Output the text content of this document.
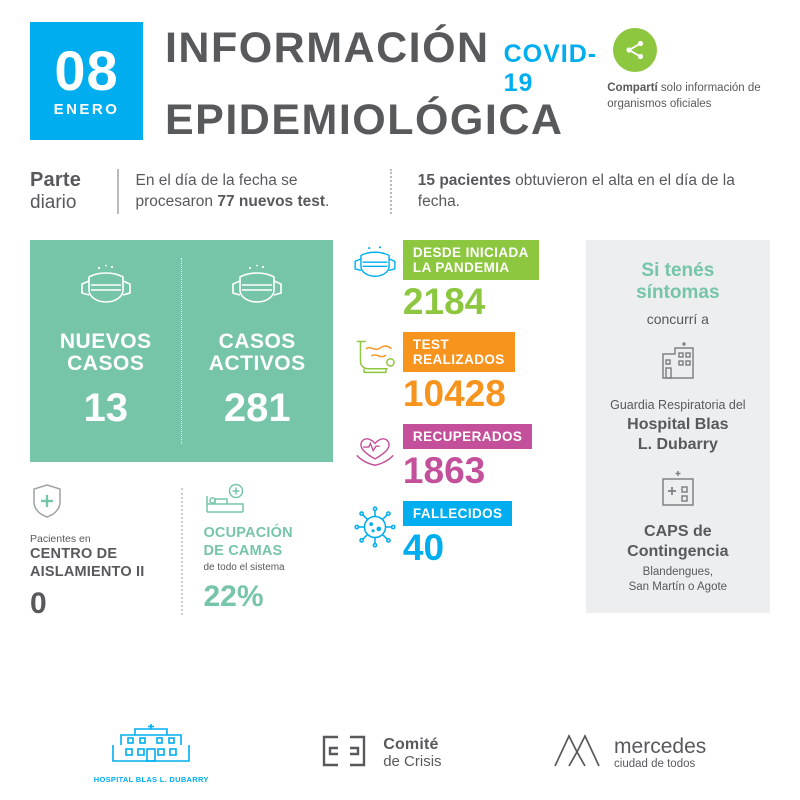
08
ENERO
INFORMACIÓN COVID-19
EPIDEMIOLÓGICA
Compartí solo información de organismos oficiales
Parte
diario
En el día de la fecha se procesaron 77 nuevos test.
15 pacientes obtuvieron el alta en el día de la fecha.
NUEVOS
CASOS
13
CASOS
ACTIVOS
281
Pacientes en
CENTRO DE
AISLAMIENTO II
0
OCUPACIÓN
DE CAMAS
de todo el sistema
22%
DESDE INICIADA
LA PANDEMIA
2184
TEST
REALIZADOS
10428
RECUPERADOS
1863
FALLECIDOS
40
Si tenés
síntomas
concurrí a
Guardia Respiratoria del
Hospital Blas
L. Dubarry
CAPS de
Contingencia
Blandengues,
San Martín o Agote
HOSPITAL BLAS L. DUBARRY
Comité
de Crisis
mercedes
ciudad de todos
